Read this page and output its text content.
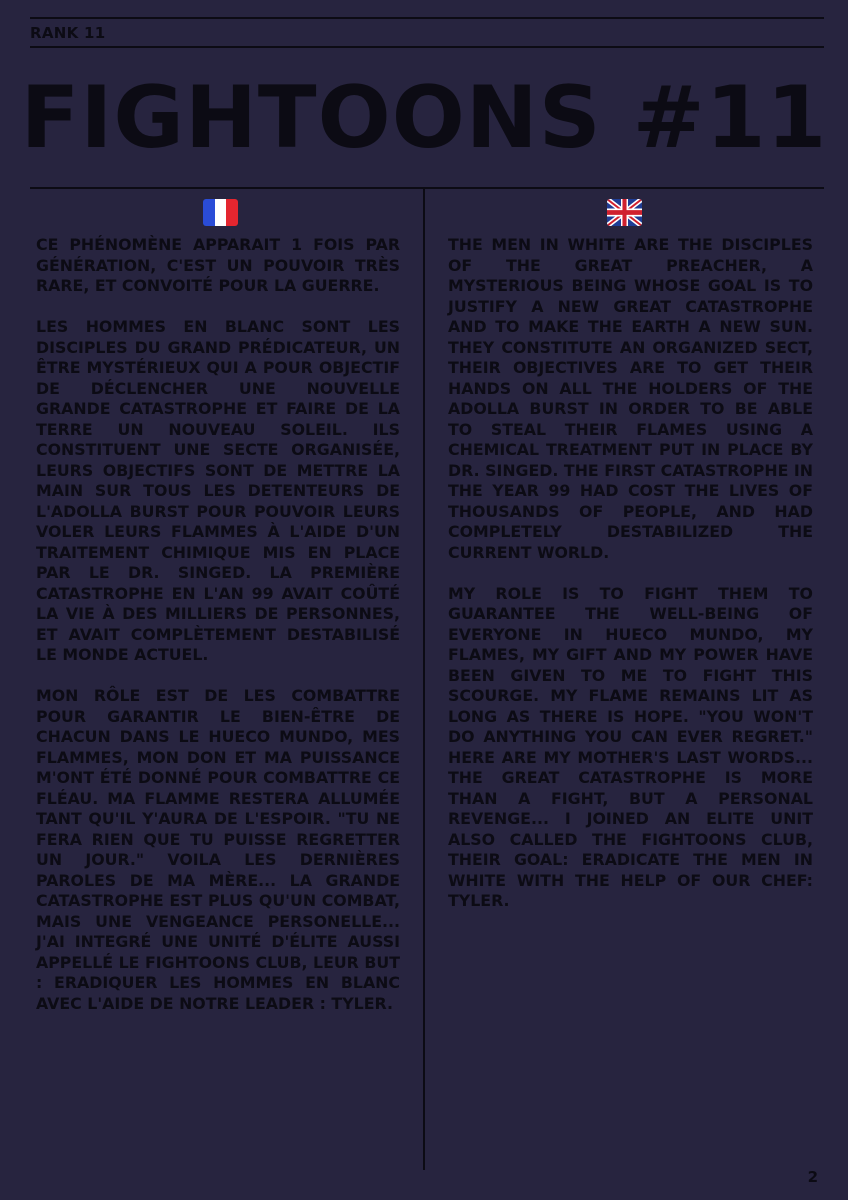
RANK 11
FIGHTOONS #11

CE PHÉNOMÈNE APPARAIT 1 FOIS PAR GÉNÉRATION, C'EST UN POUVOIR TRÈS RARE, ET CONVOITÉ POUR LA GUERRE.

LES HOMMES EN BLANC SONT LES DISCIPLES DU GRAND PRÉDICATEUR, UN ÊTRE MYSTÉRIEUX QUI A POUR OBJECTIF DE DÉCLENCHER UNE NOUVELLE GRANDE CATASTROPHE ET FAIRE DE LA TERRE UN NOUVEAU SOLEIL. ILS CONSTITUENT UNE SECTE ORGANISÉE, LEURS OBJECTIFS SONT DE METTRE LA MAIN SUR TOUS LES DETENTEURS DE L'ADOLLA BURST POUR POUVOIR LEURS VOLER LEURS FLAMMES À L'AIDE D'UN TRAITEMENT CHIMIQUE MIS EN PLACE PAR LE DR. SINGED. LA PREMIÈRE CATASTROPHE EN L'AN 99 AVAIT COÛTÉ LA VIE À DES MILLIERS DE PERSONNES, ET AVAIT COMPLÈTEMENT DESTABILISÉ LE MONDE ACTUEL.

MON RÔLE EST DE LES COMBATTRE POUR GARANTIR LE BIEN-ÊTRE DE CHACUN DANS LE HUECO MUNDO, MES FLAMMES, MON DON ET MA PUISSANCE M'ONT ÉTÉ DONNÉ POUR COMBATTRE CE FLÉAU. MA FLAMME RESTERA ALLUMÉE TANT QU'IL Y'AURA DE L'ESPOIR. "TU NE FERA RIEN QUE TU PUISSE REGRETTER UN JOUR." VOILA LES DERNIÈRES PAROLES DE MA MÈRE... LA GRANDE CATASTROPHE EST PLUS QU'UN COMBAT, MAIS UNE VENGEANCE PERSONELLE... J'AI INTEGRÉ UNE UNITÉ D'ÉLITE AUSSI APPELLÉ LE FIGHTOONS CLUB, LEUR BUT : ERADIQUER LES HOMMES EN BLANC AVEC L'AIDE DE NOTRE LEADER : TYLER.

THE MEN IN WHITE ARE THE DISCIPLES OF THE GREAT PREACHER, A MYSTERIOUS BEING WHOSE GOAL IS TO JUSTIFY A NEW GREAT CATASTROPHE AND TO MAKE THE EARTH A NEW SUN. THEY CONSTITUTE AN ORGANIZED SECT, THEIR OBJECTIVES ARE TO GET THEIR HANDS ON ALL THE HOLDERS OF THE ADOLLA BURST IN ORDER TO BE ABLE TO STEAL THEIR FLAMES USING A CHEMICAL TREATMENT PUT IN PLACE BY DR. SINGED. THE FIRST CATASTROPHE IN THE YEAR 99 HAD COST THE LIVES OF THOUSANDS OF PEOPLE, AND HAD COMPLETELY DESTABILIZED THE CURRENT WORLD.

MY ROLE IS TO FIGHT THEM TO GUARANTEE THE WELL-BEING OF EVERYONE IN HUECO MUNDO, MY FLAMES, MY GIFT AND MY POWER HAVE BEEN GIVEN TO ME TO FIGHT THIS SCOURGE. MY FLAME REMAINS LIT AS LONG AS THERE IS HOPE. "YOU WON'T DO ANYTHING YOU CAN EVER REGRET." HERE ARE MY MOTHER'S LAST WORDS... THE GREAT CATASTROPHE IS MORE THAN A FIGHT, BUT A PERSONAL REVENGE... I JOINED AN ELITE UNIT ALSO CALLED THE FIGHTOONS CLUB, THEIR GOAL: ERADICATE THE MEN IN WHITE WITH THE HELP OF OUR CHEF: TYLER.

2
